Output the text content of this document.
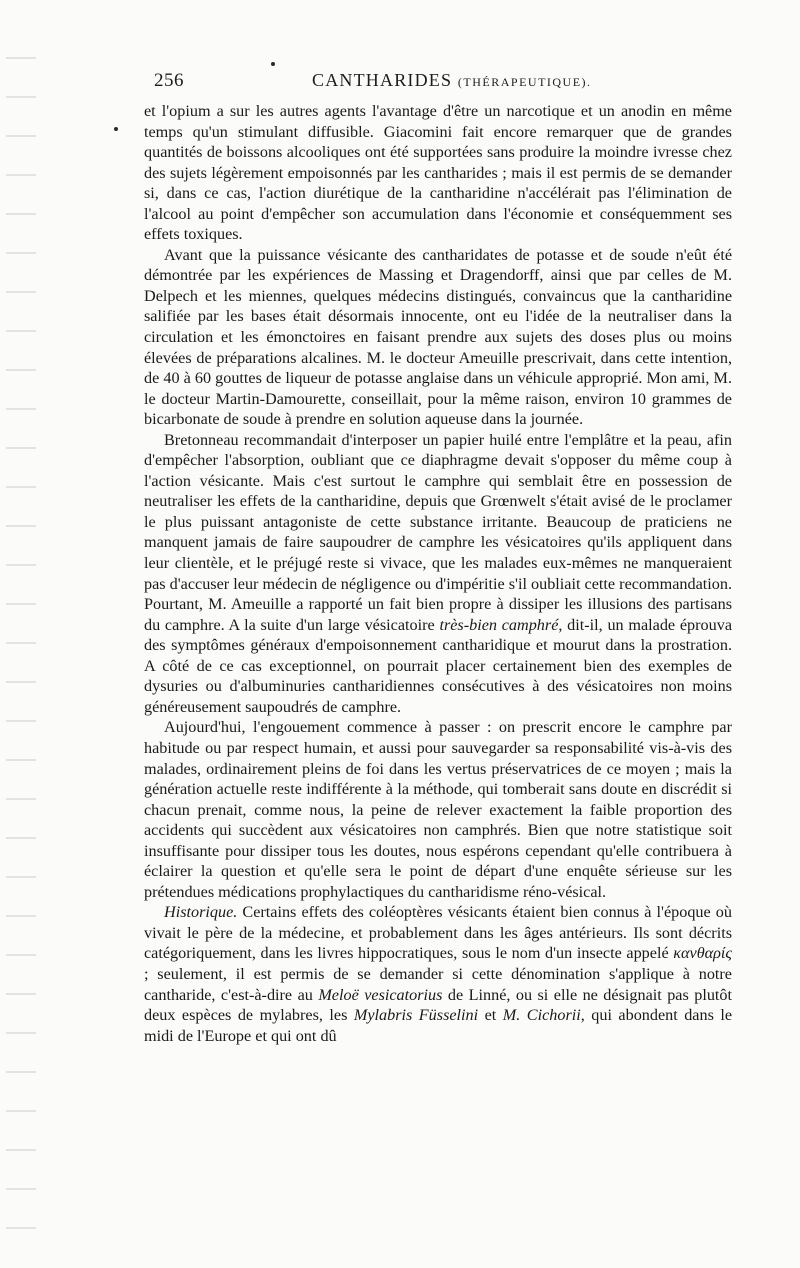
256	CANTHARIDES (THÉRAPEUTIQUE).

et l'opium a sur les autres agents l'avantage d'être un narcotique et un anodin en même temps qu'un stimulant diffusible. Giacomini fait encore remarquer que de grandes quantités de boissons alcooliques ont été supportées sans produire la moindre ivresse chez des sujets légèrement empoisonnés par les cantharides ; mais il est permis de se demander si, dans ce cas, l'action diurétique de la cantharidine n'accélérait pas l'élimination de l'alcool au point d'empêcher son accumulation dans l'économie et conséquemment ses effets toxiques.

Avant que la puissance vésicante des cantharidates de potasse et de soude n'eût été démontrée par les expériences de Massing et Dragendorff, ainsi que par celles de M. Delpech et les miennes, quelques médecins distingués, convaincus que la cantharidine salifiée par les bases était désormais innocente, ont eu l'idée de la neutraliser dans la circulation et les émonctoires en faisant prendre aux sujets des doses plus ou moins élevées de préparations alcalines. M. le docteur Ameuille prescrivait, dans cette intention, de 40 à 60 gouttes de liqueur de potasse anglaise dans un véhicule approprié. Mon ami, M. le docteur Martin-Damourette, conseillait, pour la même raison, environ 10 grammes de bicarbonate de soude à prendre en solution aqueuse dans la journée.

Bretonneau recommandait d'interposer un papier huilé entre l'emplâtre et la peau, afin d'empêcher l'absorption, oubliant que ce diaphragme devait s'opposer du même coup à l'action vésicante. Mais c'est surtout le camphre qui semblait être en possession de neutraliser les effets de la cantharidine, depuis que Grœnwelt s'était avisé de le proclamer le plus puissant antagoniste de cette substance irritante. Beaucoup de praticiens ne manquent jamais de faire saupoudrer de camphre les vésicatoires qu'ils appliquent dans leur clientèle, et le préjugé reste si vivace, que les malades eux-mêmes ne manqueraient pas d'accuser leur médecin de négligence ou d'impéritie s'il oubliait cette recommandation. Pourtant, M. Ameuille a rapporté un fait bien propre à dissiper les illusions des partisans du camphre. A la suite d'un large vésicatoire très-bien camphré, dit-il, un malade éprouva des symptômes généraux d'empoisonnement cantharidique et mourut dans la prostration. A côté de ce cas exceptionnel, on pourrait placer certainement bien des exemples de dysuries ou d'albuminuries cantharidiennes consécutives à des vésicatoires non moins généreusement saupoudrés de camphre.

Aujourd'hui, l'engouement commence à passer : on prescrit encore le camphre par habitude ou par respect humain, et aussi pour sauvegarder sa responsabilité vis-à-vis des malades, ordinairement pleins de foi dans les vertus préservatrices de ce moyen ; mais la génération actuelle reste indifférente à la méthode, qui tomberait sans doute en discrédit si chacun prenait, comme nous, la peine de relever exactement la faible proportion des accidents qui succèdent aux vésicatoires non camphrés. Bien que notre statistique soit insuffisante pour dissiper tous les doutes, nous espérons cependant qu'elle contribuera à éclairer la question et qu'elle sera le point de départ d'une enquête sérieuse sur les prétendues médications prophylactiques du cantharidisme réno-vésical.

Historique. Certains effets des coléoptères vésicants étaient bien connus à l'époque où vivait le père de la médecine, et probablement dans les âges antérieurs. Ils sont décrits catégoriquement, dans les livres hippocratiques, sous le nom d'un insecte appelé κανθαρίς ; seulement, il est permis de se demander si cette dénomination s'applique à notre cantharide, c'est-à-dire au Meloë vesicatorius de Linné, ou si elle ne désignait pas plutôt deux espèces de mylabres, les Mylabris Füsselini et M. Cichorii, qui abondent dans le midi de l'Europe et qui ont dû
